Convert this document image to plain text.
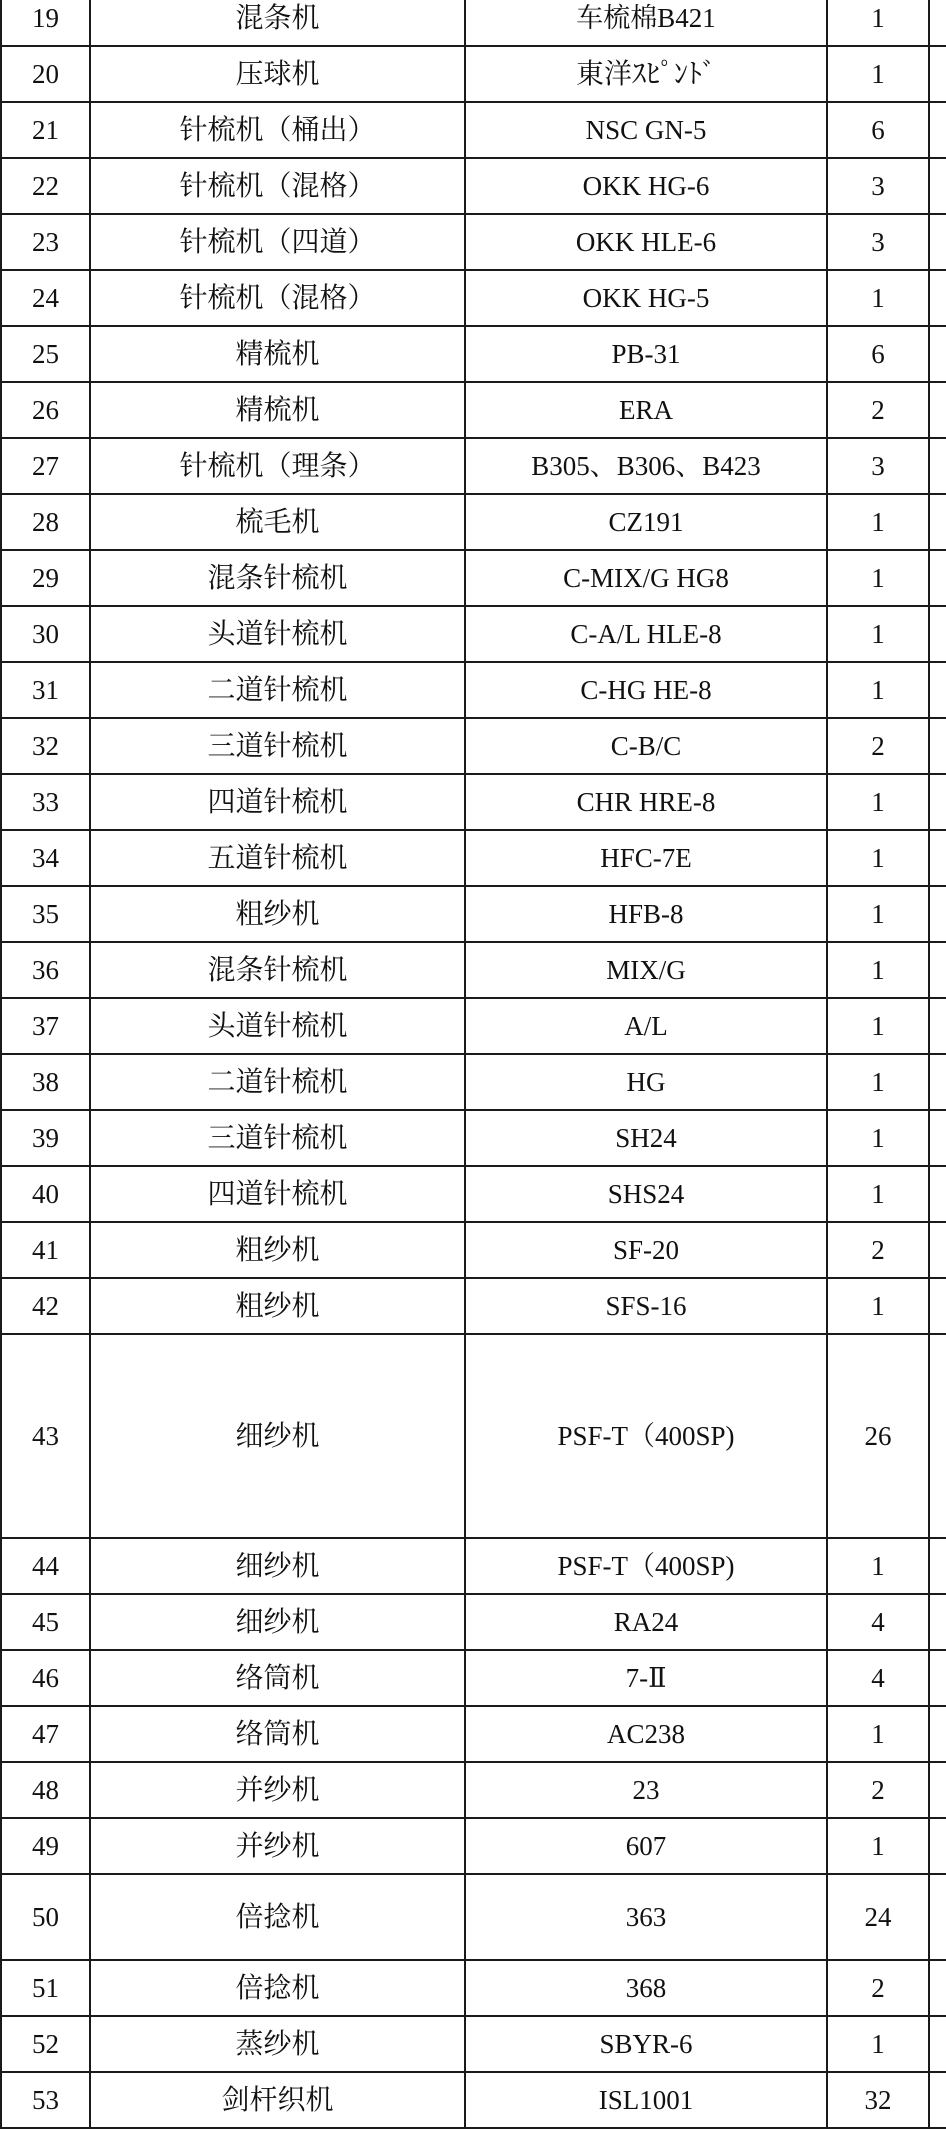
19	混条机	车梳棉B421	1	
20	压球机	東洋ｽﾋﾟﾝﾄﾞ	1	
21	针梳机（桶出）	NSC GN-5	6	
22	针梳机（混格）	OKK HG-6	3	
23	针梳机（四道）	OKK HLE-6	3	
24	针梳机（混格）	OKK HG-5	1	
25	精梳机	PB-31	6	
26	精梳机	ERA	2	
27	针梳机（理条）	B305、B306、B423	3	
28	梳毛机	CZ191	1	
29	混条针梳机	C-MIX/G HG8	1	
30	头道针梳机	C-A/L HLE-8	1	
31	二道针梳机	C-HG HE-8	1	
32	三道针梳机	C-B/C	2	
33	四道针梳机	CHR HRE-8	1	
34	五道针梳机	HFC-7E	1	
35	粗纱机	HFB-8	1	
36	混条针梳机	MIX/G	1	
37	头道针梳机	A/L	1	
38	二道针梳机	HG	1	
39	三道针梳机	SH24	1	
40	四道针梳机	SHS24	1	
41	粗纱机	SF-20	2	
42	粗纱机	SFS-16	1	
43	细纱机	PSF-T（400SP)	26	
44	细纱机	PSF-T（400SP)	1	
45	细纱机	RA24	4	
46	络筒机	7-Ⅱ	4	
47	络筒机	AC238	1	
48	并纱机	23	2	
49	并纱机	607	1	
50	倍捻机	363	24	
51	倍捻机	368	2	
52	蒸纱机	SBYR-6	1	
53	剑杆织机	ISL1001	32	
